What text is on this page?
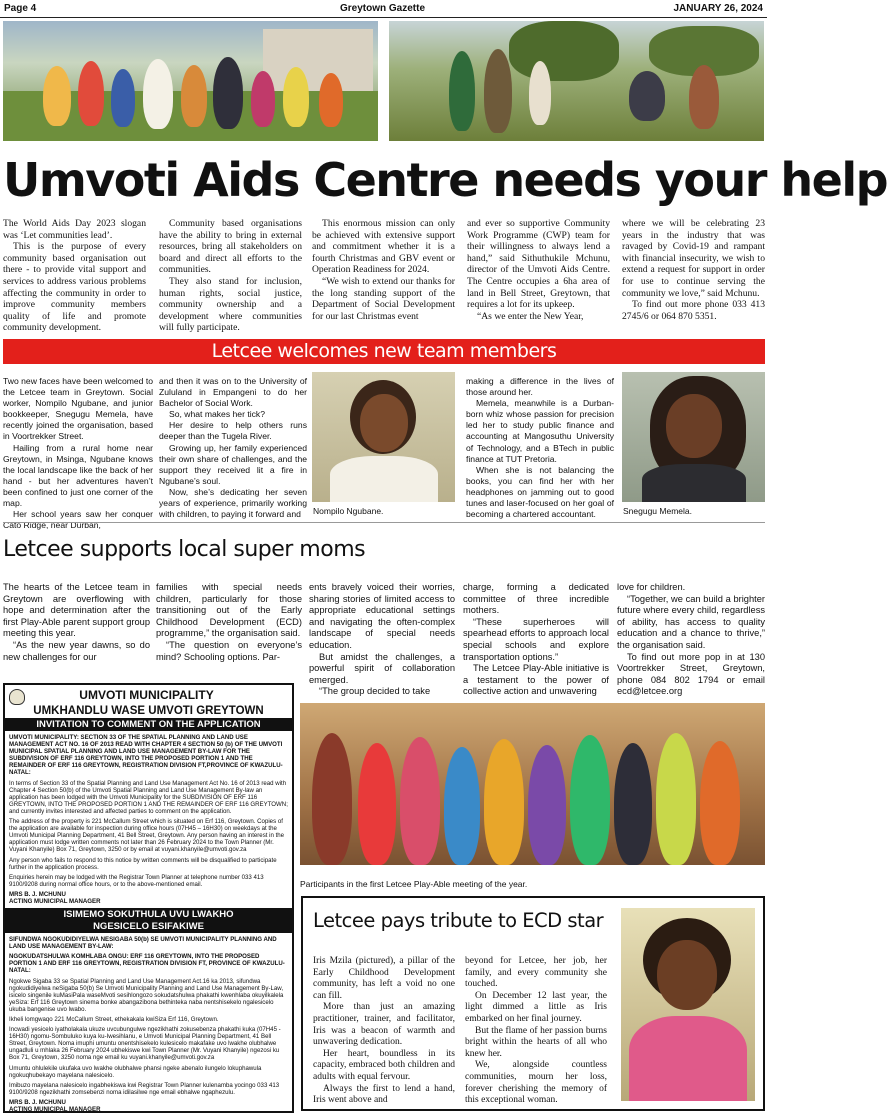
Page 4	Greytown Gazette	JANUARY 26, 2024
Umvoti Aids Centre needs your help

The World Aids Day 2023 slogan was ‘Let communities lead’.

This is the purpose of every community based organisation out there - to provide vital support and services to address various problems affecting the community in order to improve community members quality of life and promote community development.

Community based organisations have the ability to bring in external resources, bring all stakeholders on board and direct all efforts to the communities.

They also stand for inclusion, human rights, social justice, community ownership and a development where communities will fully participate.

This enormous mission can only be achieved with extensive support and commitment whether it is a fourth Christmas and GBV event or Operation Readiness for 2024.

“We wish to extend our thanks for the long standing support of the Department of Social Development for our last Christmas event

and ever so supportive Community Work Programme (CWP) team for their willingness to always lend a hand,” said Sithuthukile Mchunu, director of the Umvoti Aids Centre. The Centre occupies a 6ha area of land in Bell Street, Greytown, that requires a lot for its upkeep.

“As we enter the New Year,

where we will be celebrating 23 years in the industry that was ravaged by Covid-19 and rampant with financial insecurity, we wish to extend a request for support in order for use to continue serving the community we love,” said Mchunu.

To find out more phone 033 413 2745/6 or 064 870 5351.

Letcee welcomes new team members

Two new faces have been welcomed to the Letcee team in Greytown. Social worker, Nompilo Ngubane, and junior bookkeeper, Snegugu Memela, have recently joined the organisation, based in Voortrekker Street.

Hailing from a rural home near Greytown, in Msinga, Ngubane knows the local landscape like the back of her hand - but her adventures haven’t been confined to just one corner of the map.

Her school years saw her conquer Cato Ridge, near Durban,

and then it was on to the University of Zululand in Empangeni to do her Bachelor of Social Work.

So, what makes her tick?

Her desire to help others runs deeper than the Tugela River.

Growing up, her family experienced their own share of challenges, and the support they received lit a fire in Ngubane’s soul.

Now, she’s dedicating her seven years of experience, primarily working with children, to paying it forward and	Nompilo Ngubane.

making a difference in the lives of those around her.

Memela, meanwhile is a Durban-born whiz whose passion for precision led her to study public finance and accounting at Mangosuthu University of Technology, and a BTech in public finance at TUT Pretoria.

When she is not balancing the books, you can find her with her headphones on jamming out to good tunes and laser-focused on her goal of becoming a chartered accountant.	Snegugu Memela.
Letcee supports local super moms

The hearts of the Letcee team in Greytown are overflowing with hope and determination after the first Play-Able parent support group meeting this year.

“As the new year dawns, so do new challenges for our

families with special needs children, particularly for those transitioning out of the Early Childhood Development (ECD) programme,” the organisation said.

“The question on everyone’s mind? Schooling options. Par-

ents bravely voiced their worries, sharing stories of limited access to appropriate educational settings and navigating the often-complex landscape of special needs education.

But amidst the challenges, a powerful spirit of collaboration emerged.

“The group decided to take

charge, forming a dedicated committee of three incredible mothers.

“These superheroes will spearhead efforts to approach local special schools and explore transportation options.”

The Letcee Play-Able initiative is a testament to the power of collective action and unwavering

love for children.

“Together, we can build a brighter future where every child, regardless of ability, has access to quality education and a chance to thrive,” the organisation said.

To find out more pop in at 130 Voortrekker Street, Greytown, phone 084 802 1794 or email ecd@letcee.org

Participants in the first Letcee Play-Able meeting of the year.
UMVOTI MUNICIPALITY
UMKHANDLU WASE UMVOTI GREYTOWN
INVITATION TO COMMENT ON THE APPLICATION

UMVOTI MUNICIPALITY: SECTION 33 OF THE SPATIAL PLANNING AND LAND USE MANAGEMENT ACT NO. 16 OF 2013 READ WITH CHAPTER 4 SECTION 50 (b) OF THE UMVOTI MUNICIPAL SPATIAL PLANNING AND LAND USE MANAGEMENT BY-LAW FOR THE SUBDIVISION OF ERF 116 GREYTOWN, INTO THE PROPOSED PORTION 1 AND THE REMAINDER OF ERF 116 GREYTOWN, REGISTRATION DIVISION FT,PROVINCE OF KWAZULU-NATAL:

In terms of Section 33 of the Spatial Planning and Land Use Management Act No. 16 of 2013 read with Chapter 4 Section 50(b) of the Umvoti Spatial Planning and Land Use Management By-law an application has been lodged with the Umvoti Municipality for the SUBDIVISION OF ERF 116 GREYTOWN, INTO THE PROPOSED PORTION 1 AND THE REMAINDER OF ERF 116 GREYTOWN; and currently invites interested and affected parties to comment on the application.

The address of the property is 221 McCallum Street which is situated on Erf 116, Greytown. Copies of the application are available for inspection during office hours (07H45 – 16H30) on weekdays at the Umvoti Municipal Planning Department, 41 Bell Street, Greytown. Any person having an interest in the application must lodge written comments not later than 26 February 2024 to the Town Planner (Mr. Vuyani Khanyile) Box 71, Greytown, 3250 or by email at vuyani.khanyile@umvoti.gov.za

Any person who fails to respond to this notice by written comments will be disqualified to participate further in the application process.

Enquiries herein may be lodged with the Registrar Town Planner at telephone number 033 413 9100/9208 during normal office hours, or to the above-mentioned email.

MRS B. J. MCHUNU

ACTING MUNICIPAL MANAGER

ISIMEMO SOKUTHULA UVU LWAKHO
NGESICELO ESIFAKIWE

SIFUNDWA NGOKUDIDIYELWA NESIGABA 50(b) SE UMVOTI MUNICIPALITY PLANNING AND LAND USE MANAGEMENT BY-LAW:

NGOKUDATSHULWA KOMHLABA ONGU: ERF 116 GREYTOWN, INTO THE PROPOSED PORTION 1 AND ERF 116 GREYTOWN, REGISTRATION DIVISION FT, PROVINCE OF KWAZULU-NATAL:

Ngokwe Sigaba 33 se Spatial Planning and Land Use Management Act.16 ka 2013, sifundwa ngokudidiyelwa neSigaba 50(b) Se Umvoti Municipality Planning and Land Use Management By-Law, isicelo singenile kuMasiPala waseMvoti sesihlongozo sokudatshulwa phakathi kwenhlaba okuyilkalela yeSiza: Erf 116 Greytown sinema bonke abangazibona bethinteka naba nentshisekelo ngalesicelo ukuba bangenise uvo lwabo.

Ikheli lomgwaqo 221 McCallum Street, ethekakala kwiSiza Erf 116, Greytown.

Incwadi yesicelo iyatholakala ukuze uvcubungulwe ngezikhathi zokusebenza phakathi kuka (07H45 - 16H30) ngomu-Sombuluko kuya ku-Iwesihlanu, e Umvoti Municipal Planning Department, 41 Bell Street, Greytown. Noma imuphi umuntu onentshisekelo kulesicelo makafake uvo lwakhe olubhalwe ungadluli u mhlaka 26 February 2024 ubhekiswe kwi Town Planner (Mr. Vuyani Khanyile) ngezosi ku Box 71, Greytown, 3250 noma nge email ku vuyani.khanyile@umvoti.gov.za

Umuntu ohlulekile ukufaka uvo lwakhe olubhalwe phansi ngeke abenalo ilungelo lokuphawula ngokuqhubekayo mayelana nalesicelo.

Imibuzo mayelana nalesicelo ingabhekiswa kwi Registrar Town Planner kulenamba yocingo 033 413 9100/9208 ngezikhathi zomsebenzi noma idilasilwe nge email ebhalwe ngaphezulu.

MRS B. J. MCHUNU

ACTING MUNICIPAL MANAGER

Letcee pays tribute to ECD star

Iris Mzila (pictured), a pillar of the Early Childhood Development community, has left a void no one can fill.

More than just an amazing practitioner, trainer, and facilitator, Iris was a beacon of warmth and unwavering dedication.

Her heart, boundless in its capacity, embraced both children and adults with equal fervour.

Always the first to lend a hand, Iris went above and

beyond for Letcee, her job, her family, and every community she touched.

On December 12 last year, the light dimmed a little as Iris embarked on her final journey.

But the flame of her passion burns bright within the hearts of all who knew her.

We, alongside countless communities, mourn her loss, forever cherishing the memory of this exceptional woman.
